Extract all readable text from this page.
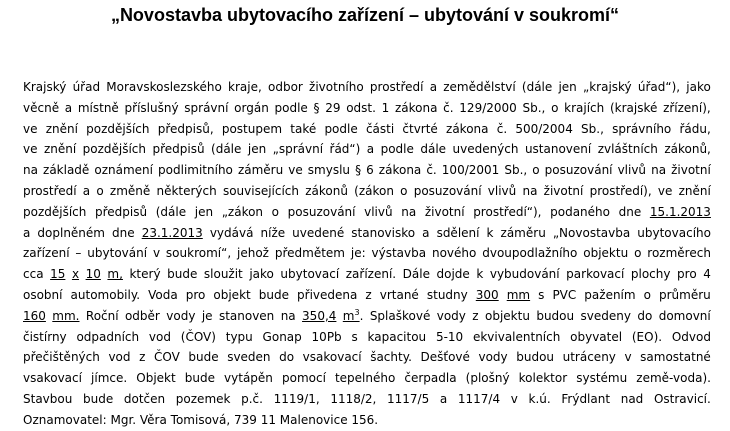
„Novostavba ubytovacího zařízení – ubytování v soukromí“
Krajský úřad Moravskoslezského kraje, odbor životního prostředí a zemědělství (dále jen „krajský úřad“), jako
věcně a místně příslušný správní orgán podle § 29 odst. 1 zákona č. 129/2000 Sb., o krajích (krajské zřízení),
ve znění pozdějších předpisů, postupem také podle části čtvrté zákona č. 500/2004 Sb., správního řádu,
ve znění pozdějších předpisů (dále jen „správní řád“) a podle dále uvedených ustanovení zvláštních zákonů,
na základě oznámení podlimitního záměru ve smyslu § 6 zákona č. 100/2001 Sb., o posuzování vlivů na životní
prostředí a o změně některých souvisejících zákonů (zákon o posuzování vlivů na životní prostředí), ve znění
pozdějších předpisů (dále jen „zákon o posuzování vlivů na životní prostředí“), podaného dne 15.1.2013
a doplněném dne 23.1.2013 vydává níže uvedené stanovisko a sdělení k záměru „Novostavba ubytovacího
zařízení – ubytování v soukromí“, jehož předmětem je: výstavba nového dvoupodlažního objektu o rozměrech
cca 15 x 10 m, který bude sloužit jako ubytovací zařízení. Dále dojde k vybudování parkovací plochy pro 4
osobní automobily. Voda pro objekt bude přivedena z vrtané studny 300 mm s PVC pažením o průměru
160 mm. Roční odběr vody je stanoven na 350,4 $m^3$. Splaškové vody z objektu budou svedeny do domovní
čistírny odpadních vod (ČOV) typu Gonap 10Pb s kapacitou 5-10 ekvivalentních obyvatel (EO). Odvod
přečištěných vod z ČOV bude sveden do vsakovací šachty. Dešťové vody budou utráceny v samostatné
vsakovací jímce. Objekt bude vytápěn pomocí tepelného čerpadla (plošný kolektor systému země-voda).
Stavbou bude dotčen pozemek p.č. 1119/1, 1118/2, 1117/5 a 1117/4 v k.ú. Frýdlant nad Ostravicí.
Oznamovatel: Mgr. Věra Tomisová, 739 11 Malenovice 156.
